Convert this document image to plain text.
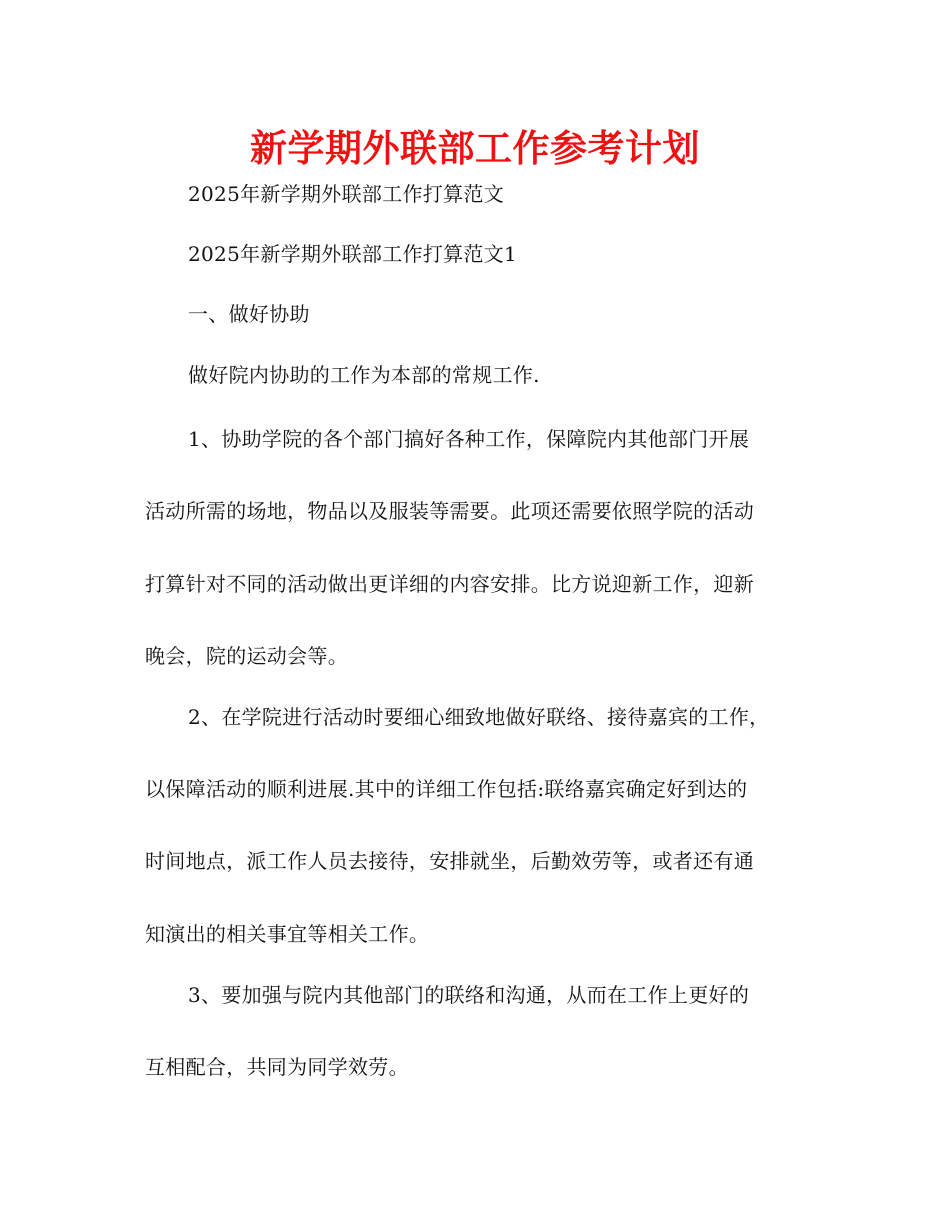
新学期外联部工作参考计划
2025年新学期外联部工作打算范文
2025年新学期外联部工作打算范文1
一、做好协助
做好院内协助的工作为本部的常规工作.
1、协助学院的各个部门搞好各种工作，保障院内其他部门开展
活动所需的场地，物品以及服装等需要。此项还需要依照学院的活动
打算针对不同的活动做出更详细的内容安排。比方说迎新工作，迎新
晚会，院的运动会等。
2、在学院进行活动时要细心细致地做好联络、接待嘉宾的工作，
以保障活动的顺利进展.其中的详细工作包括:联络嘉宾确定好到达的
时间地点，派工作人员去接待，安排就坐，后勤效劳等，或者还有通
知演出的相关事宜等相关工作。
3、要加强与院内其他部门的联络和沟通，从而在工作上更好的
互相配合，共同为同学效劳。
